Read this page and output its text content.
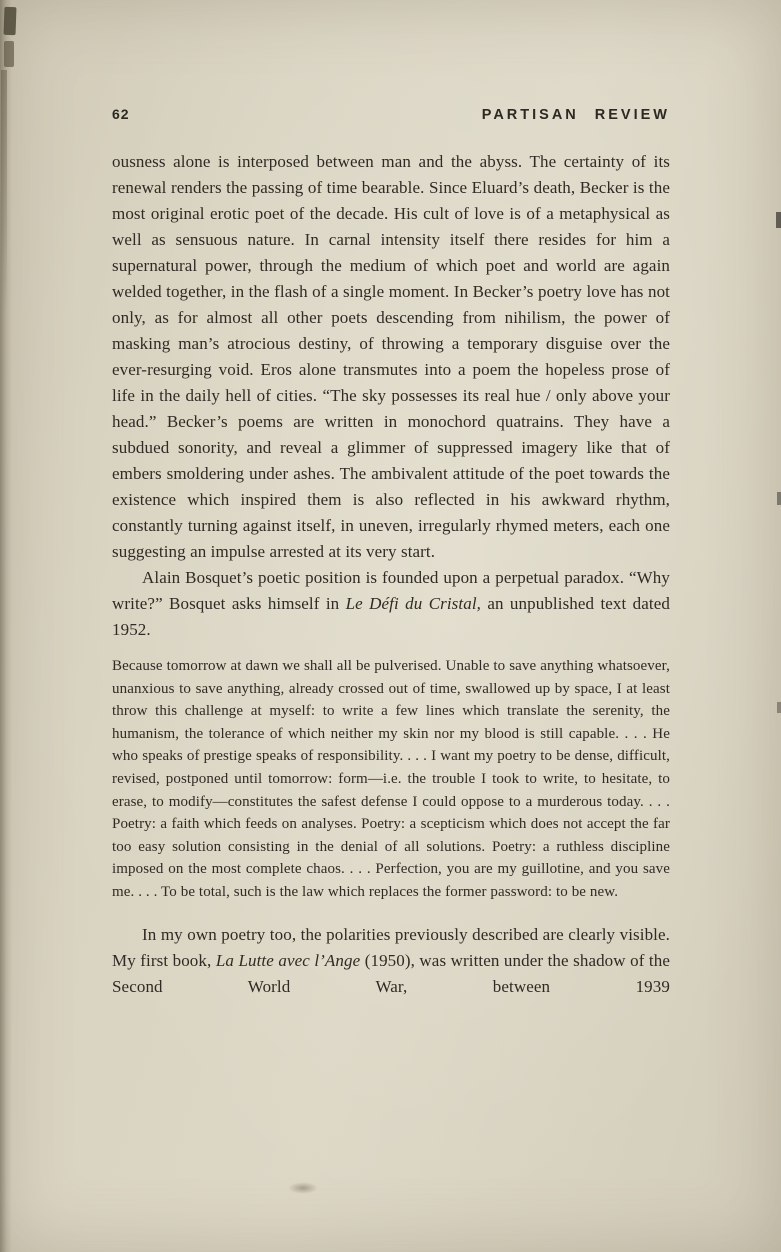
62	PARTISAN REVIEW

ousness alone is interposed between man and the abyss. The certainty of its renewal renders the passing of time bearable. Since Eluard’s death, Becker is the most original erotic poet of the decade. His cult of love is of a metaphysical as well as sensuous nature. In carnal intensity itself there resides for him a supernatural power, through the medium of which poet and world are again welded together, in the flash of a single moment. In Becker’s poetry love has not only, as for almost all other poets descending from nihilism, the power of masking man’s atrocious destiny, of throwing a temporary disguise over the ever-resurging void. Eros alone transmutes into a poem the hopeless prose of life in the daily hell of cities. “The sky possesses its real hue / only above your head.” Becker’s poems are written in monochord quatrains. They have a subdued sonority, and reveal a glimmer of suppressed imagery like that of embers smoldering under ashes. The ambivalent attitude of the poet towards the existence which inspired them is also reflected in his awkward rhythm, constantly turning against itself, in uneven, irregularly rhymed meters, each one suggesting an impulse arrested at its very start.

Alain Bosquet’s poetic position is founded upon a perpetual paradox. “Why write?” Bosquet asks himself in Le Défi du Cristal, an unpublished text dated 1952.

Because tomorrow at dawn we shall all be pulverised. Unable to save anything whatsoever, unanxious to save anything, already crossed out of time, swallowed up by space, I at least throw this challenge at myself: to write a few lines which translate the serenity, the humanism, the tolerance of which neither my skin nor my blood is still capable. . . . He who speaks of prestige speaks of responsibility. . . . I want my poetry to be dense, difficult, revised, postponed until tomorrow: form—i.e. the trouble I took to write, to hesitate, to erase, to modify—constitutes the safest defense I could oppose to a murderous today. . . . Poetry: a faith which feeds on analyses. Poetry: a scepticism which does not accept the far too easy solution consisting in the denial of all solutions. Poetry: a ruthless discipline imposed on the most complete chaos. . . . Perfection, you are my guillotine, and you save me. . . . To be total, such is the law which replaces the former password: to be new.

In my own poetry too, the polarities previously described are clearly visible. My first book, La Lutte avec l’Ange (1950), was written under the shadow of the Second World War, between 1939
